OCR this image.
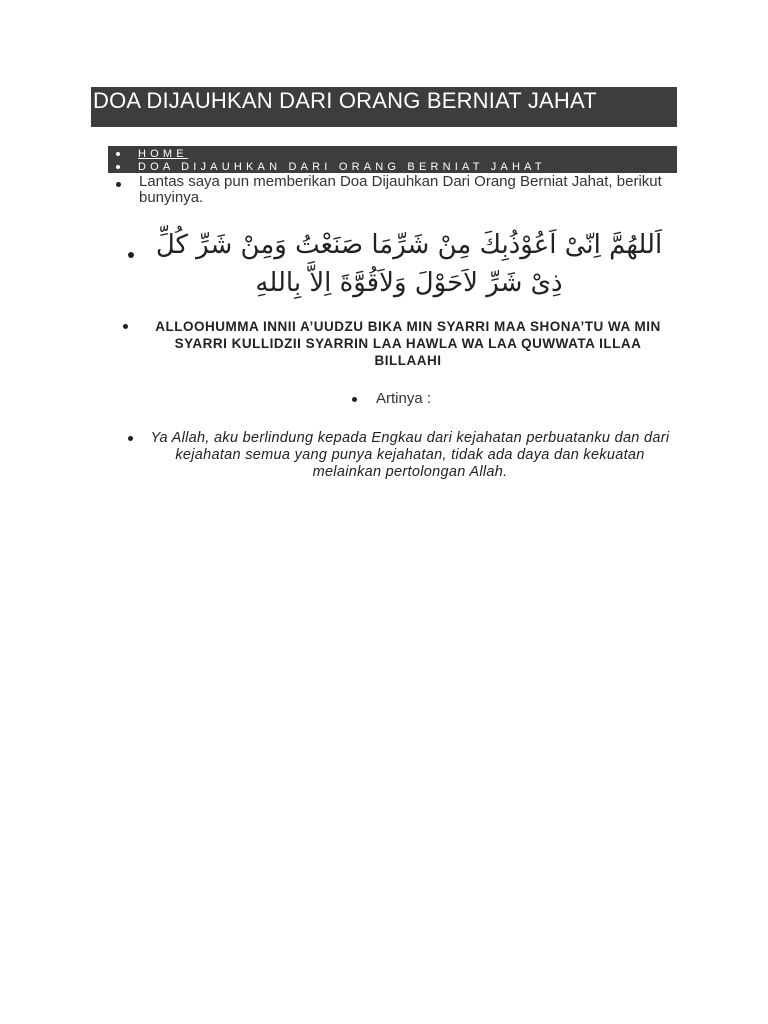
DOA DIJAUHKAN DARI ORANG BERNIAT JAHAT
HOME
DOA DIJAUHKAN DARI ORANG BERNIAT JAHAT
Lantas saya pun memberikan Doa Dijauhkan Dari Orang Berniat Jahat, berikut bunyinya.
اَللهُمَّ اِنّىْ اَعُوْذُبِكَ مِنْ شَرِّمَا صَنَعْتُ وَمِنْ شَرِّ كُلِّ ذِىْ شَرِّ لاَحَوْلَ وَلاَقُوَّةَ اِلاَّ بِاللهِ
ALLOOHUMMA INNII A’UUDZU BIKA MIN SYARRI MAA SHONA’TU WA MIN SYARRI KULLIDZII SYARRIN LAA HAWLA WA LAA QUWWATA ILLAA BILLAAHI
Artinya :
Ya Allah, aku berlindung kepada Engkau dari kejahatan perbuatanku dan dari kejahatan semua yang punya kejahatan, tidak ada daya dan kekuatan melainkan pertolongan Allah.
